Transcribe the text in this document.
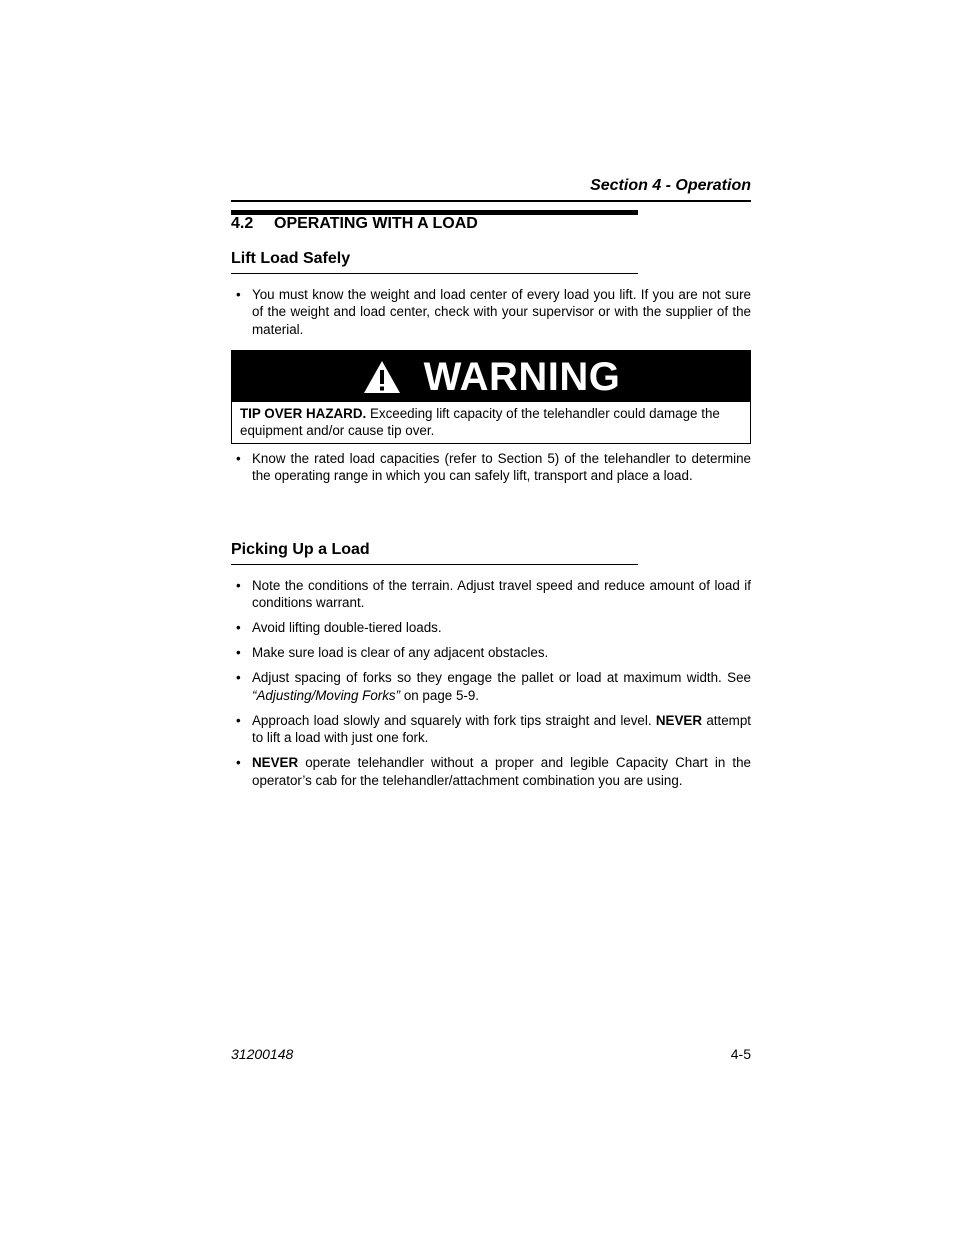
Section 4 - Operation
4.2 OPERATING WITH A LOAD
Lift Load Safely
• You must know the weight and load center of every load you lift. If you are not sure of the weight and load center, check with your supervisor or with the supplier of the material.
WARNING
TIP OVER HAZARD. Exceeding lift capacity of the telehandler could damage the equipment and/or cause tip over.
• Know the rated load capacities (refer to Section 5) of the telehandler to determine the operating range in which you can safely lift, transport and place a load.
Picking Up a Load
• Note the conditions of the terrain. Adjust travel speed and reduce amount of load if conditions warrant.
• Avoid lifting double-tiered loads.
• Make sure load is clear of any adjacent obstacles.
• Adjust spacing of forks so they engage the pallet or load at maximum width. See “Adjusting/Moving Forks” on page 5-9.
• Approach load slowly and squarely with fork tips straight and level. NEVER attempt to lift a load with just one fork.
• NEVER operate telehandler without a proper and legible Capacity Chart in the operator’s cab for the telehandler/attachment combination you are using.
31200148	4-5
